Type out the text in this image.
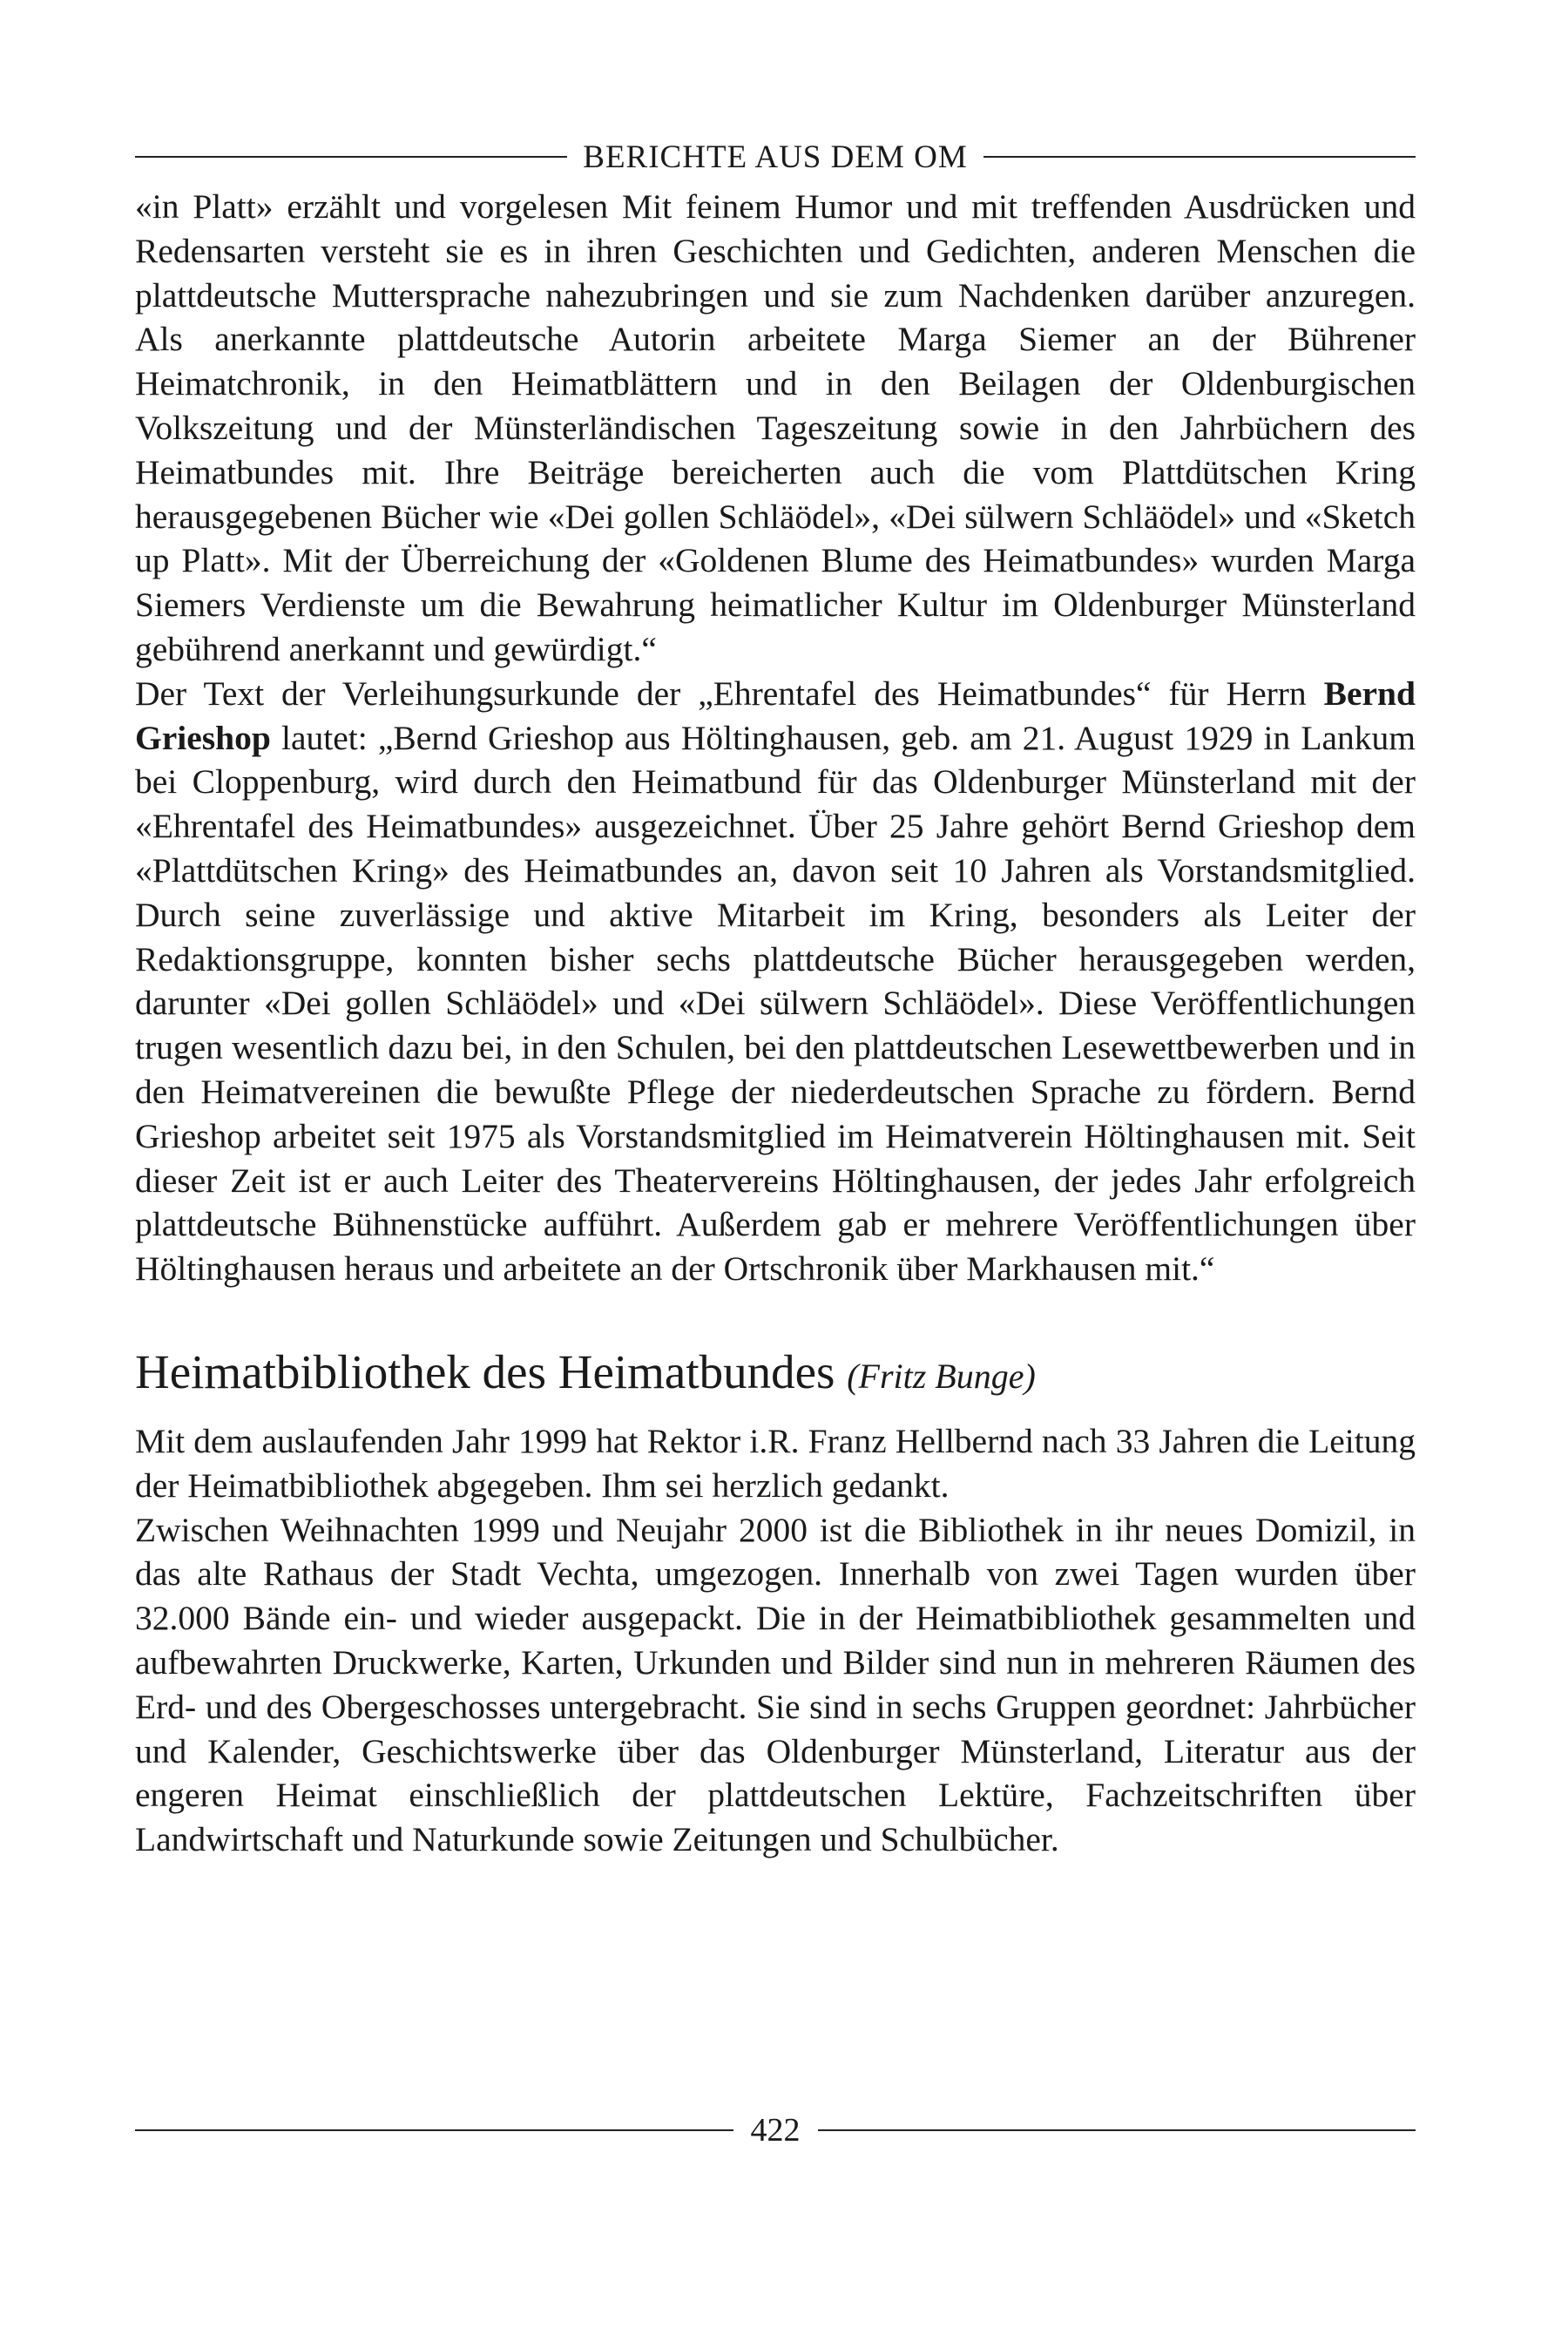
BERICHTE AUS DEM OM

«in Platt» erzählt und vorgelesen Mit feinem Humor und mit treffenden Ausdrücken und Redensarten versteht sie es in ihren Geschichten und Gedichten, anderen Menschen die plattdeutsche Muttersprache nahezubringen und sie zum Nachdenken darüber anzuregen. Als anerkannte plattdeutsche Autorin arbeitete Marga Siemer an der Bührener Heimatchronik, in den Heimatblättern und in den Beilagen der Oldenburgischen Volkszeitung und der Münsterländischen Tageszeitung sowie in den Jahrbüchern des Heimatbundes mit. Ihre Beiträge bereicherten auch die vom Plattdütschen Kring herausgegebenen Bücher wie «Dei gollen Schläödel», «Dei sülwern Schläödel» und «Sketch up Platt». Mit der Überreichung der «Goldenen Blume des Heimatbundes» wurden Marga Siemers Verdienste um die Bewahrung heimatlicher Kultur im Oldenburger Münsterland gebührend anerkannt und gewürdigt.“

Der Text der Verleihungsurkunde der „Ehrentafel des Heimatbundes“ für Herrn Bernd Grieshop lautet: „Bernd Grieshop aus Höltinghausen, geb. am 21. August 1929 in Lankum bei Cloppenburg, wird durch den Heimatbund für das Oldenburger Münsterland mit der «Ehrentafel des Heimatbundes» ausgezeichnet. Über 25 Jahre gehört Bernd Grieshop dem «Plattdütschen Kring» des Heimatbundes an, davon seit 10 Jahren als Vorstandsmitglied. Durch seine zuverlässige und aktive Mitarbeit im Kring, besonders als Leiter der Redaktionsgruppe, konnten bisher sechs plattdeutsche Bücher herausgegeben werden, darunter «Dei gollen Schläödel» und «Dei sülwern Schläödel». Diese Veröffentlichungen trugen wesentlich dazu bei, in den Schulen, bei den plattdeutschen Lesewettbewerben und in den Heimatvereinen die bewußte Pflege der niederdeutschen Sprache zu fördern. Bernd Grieshop arbeitet seit 1975 als Vorstandsmitglied im Heimatverein Höltinghausen mit. Seit dieser Zeit ist er auch Leiter des Theatervereins Höltinghausen, der jedes Jahr erfolgreich plattdeutsche Bühnenstücke aufführt. Außerdem gab er mehrere Veröffentlichungen über Höltinghausen heraus und arbeitete an der Ortschronik über Markhausen mit.“

Heimatbibliothek des Heimatbundes (Fritz Bunge)

Mit dem auslaufenden Jahr 1999 hat Rektor i.R. Franz Hellbernd nach 33 Jahren die Leitung der Heimatbibliothek abgegeben. Ihm sei herzlich gedankt.

Zwischen Weihnachten 1999 und Neujahr 2000 ist die Bibliothek in ihr neues Domizil, in das alte Rathaus der Stadt Vechta, umgezogen. Innerhalb von zwei Tagen wurden über 32.000 Bände ein- und wieder ausgepackt. Die in der Heimatbibliothek gesammelten und aufbewahrten Druckwerke, Karten, Urkunden und Bilder sind nun in mehreren Räumen des Erd- und des Obergeschosses untergebracht. Sie sind in sechs Gruppen geordnet: Jahrbücher und Kalender, Geschichtswerke über das Oldenburger Münsterland, Literatur aus der engeren Heimat einschließlich der plattdeutschen Lektüre, Fachzeitschriften über Landwirtschaft und Naturkunde sowie Zeitungen und Schulbücher.

422
